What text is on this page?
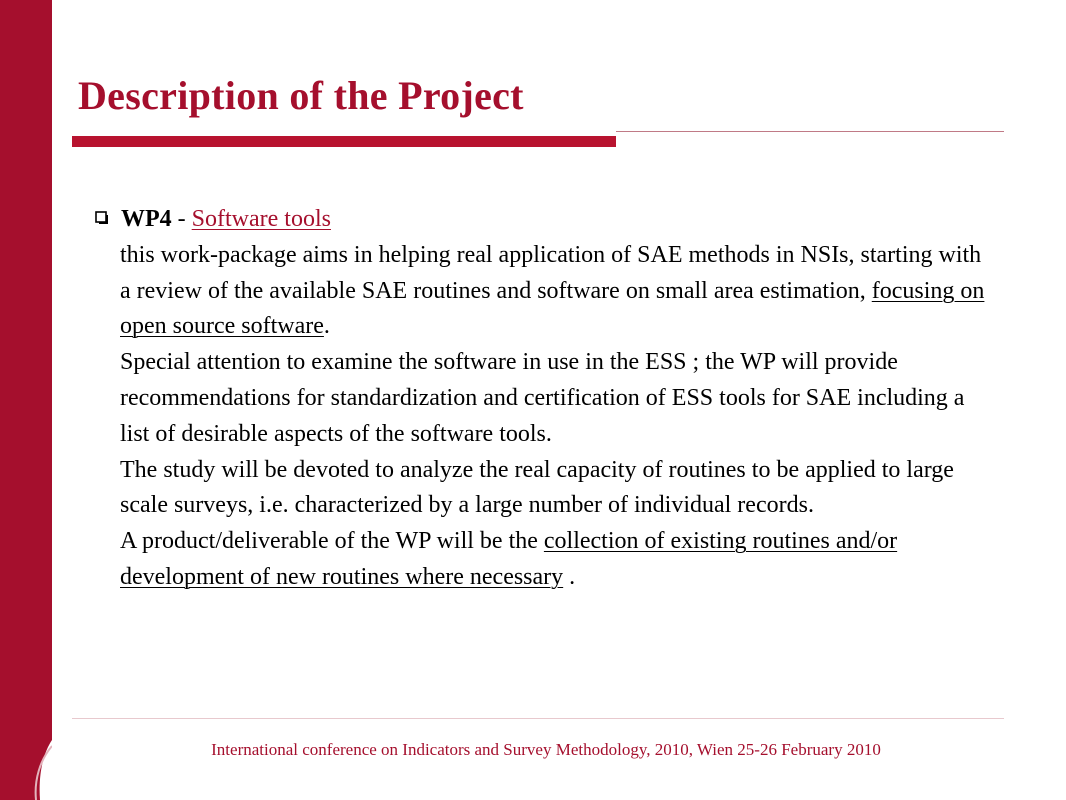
Description of the Project
WP4 - Software tools
this work-package aims in helping real application of SAE methods in NSIs, starting with a review of the available SAE routines and software on small area estimation, focusing on open source software.
Special attention to examine the software in use in the ESS ; the WP will provide recommendations for standardization and certification of ESS tools for SAE including a list of desirable aspects of the software tools.
The study will be devoted to analyze the real capacity of routines to be applied to large scale surveys, i.e. characterized by a large number of individual records.
A product/deliverable of the WP will be the collection of existing routines and/or development of new routines where necessary .
International conference on Indicators and Survey Methodology, 2010, Wien 25-26 February 2010
